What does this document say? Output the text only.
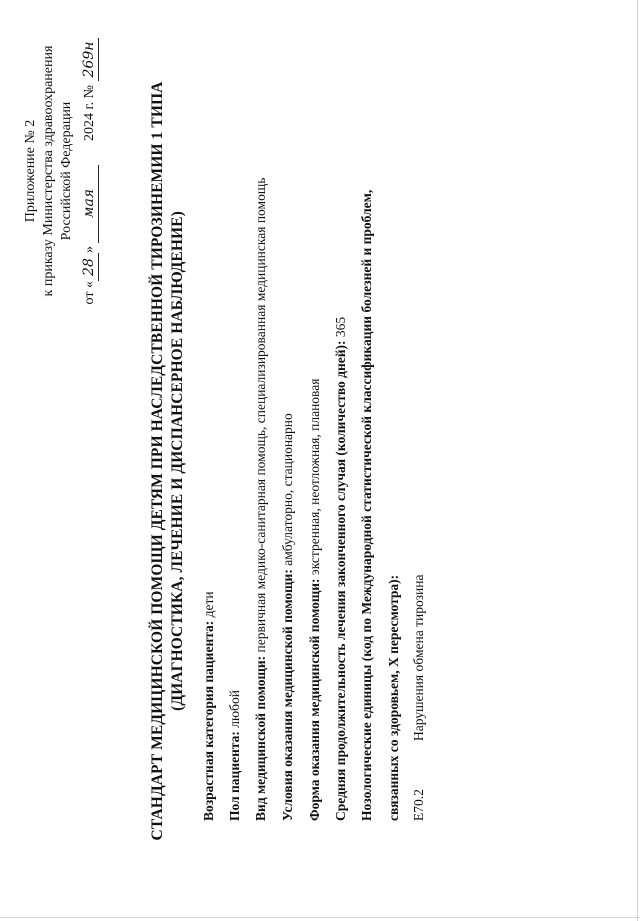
Приложение № 2 к приказу Министерства здравоохранения Российской Федерации
от «28» мая 2024 г. № 269н
СТАНДАРТ МЕДИЦИНСКОЙ ПОМОЩИ ДЕТЯМ ПРИ НАСЛЕДСТВЕННОЙ ТИРОЗИНЕМИИ 1 ТИПА (ДИАГНОСТИКА, ЛЕЧЕНИЕ И ДИСПАНСЕРНОЕ НАБЛЮДЕНИЕ)
Возрастная категория пациента: дети
Пол пациента: любой Вид медицинской помощи: первичная медико-санитарная помощь, специализированная медицинская помощь
Условия оказания медицинской помощи: амбулаторно, стационарно
Форма оказания медицинской помощи: экстренная, неотложная, плановая Средняя продолжительность лечения законченного случая (количество дней): 365 Нозологические единицы (код по Международной статистической классификации болезней и проблем, связанных со здоровьем, X пересмотра): E70.2Нарушения обмена тирозина
